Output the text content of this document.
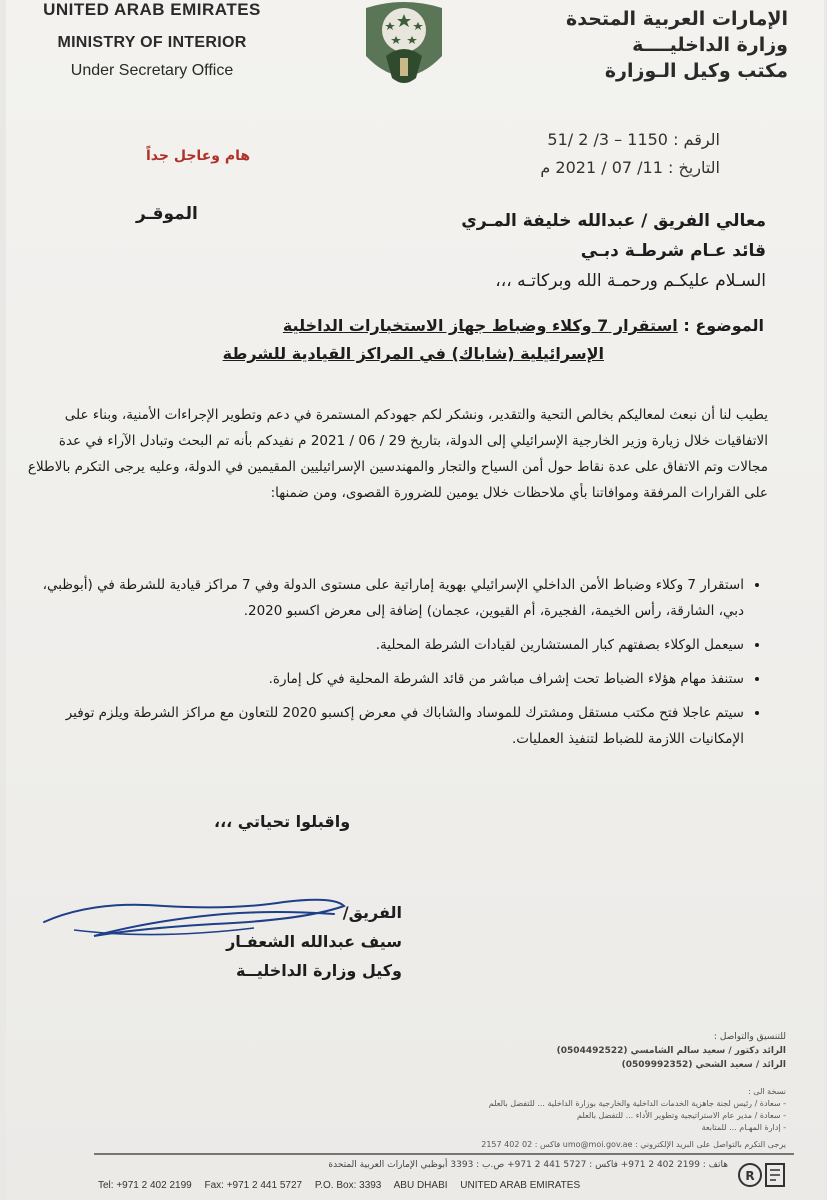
UNITED ARAB EMIRATES
MINISTRY OF INTERIOR
Under Secretary Office
الإمارات العربية المتحدة
وزارة الداخليــــة
مكتب وكيل الـوزارة
الرقم : 1150 – 3/ 2 /51
التاريخ : 11/ 07 / 2021 م
هام وعاجل جداً
معالي الفريق / عبدالله خليفة المـري
قائد عـام شرطـة دبـي
السـلام عليكـم ورحمـة الله وبركاتـه ،،،
الموقـر
الموضوع : استقرار 7 وكلاء وضباط جهاز الاستخبارات الداخلية
الإسرائيلية (شاباك) في المراكز القيادية للشرطة

يطيب لنا أن نبعث لمعاليكم بخالص التحية والتقدير، ونشكر لكم جهودكم المستمرة في دعم وتطوير الإجراءات الأمنية، وبناء على الاتفاقيات خلال زيارة وزير الخارجية الإسرائيلي إلى الدولة، بتاريخ 29 / 06 / 2021 م نفيدكم بأنه تم البحث وتبادل الآراء في عدة مجالات وتم الاتفاق على عدة نقاط حول أمن السياح والتجار والمهندسين الإسرائيليين المقيمين في الدولة، وعليه يرجى التكرم بالاطلاع على القرارات المرفقة وموافاتنا بأي ملاحظات خلال يومين للضرورة القصوى، ومن ضمنها:

• استقرار 7 وكلاء وضباط الأمن الداخلي الإسرائيلي بهوية إماراتية على مستوى الدولة وفي 7 مراكز قيادية للشرطة في (أبوظبي، دبي، الشارقة، رأس الخيمة، الفجيرة، أم القيوين، عجمان) إضافة إلى معرض اكسبو 2020.
• سيعمل الوكلاء بصفتهم كبار المستشارين لقيادات الشرطة المحلية.
• ستنفذ مهام هؤلاء الضباط تحت إشراف مباشر من قائد الشرطة المحلية في كل إمارة.
• سيتم عاجلا فتح مكتب مستقل ومشترك للموساد والشاباك في معرض إكسبو 2020 للتعاون مع مراكز الشرطة ويلزم توفير الإمكانيات اللازمة للضباط لتنفيذ العمليات.
واقبلوا تحياتي ،،،
الفريق/
سيف عبدالله الشعفـار
وكيل وزارة الداخليــة
للتنسيق والتواصل :
الرائد دكتور / سعيد سالم الشامسي (0504492522)
الرائد / سعيد الشحي (0509992352)
نسخة الى :
- سعادة / رئيس لجنة جاهزية الخدمات الداخلية والخارجية بوزارة الداخلية ... للتفضل بالعلم
- سعادة / مدير عام الاستراتيجية وتطوير الأداء ... للتفضل بالعلم
- إدارة المهـام ... للمتابعة
يرجى التكرم بالتواصل على البريد الإلكتروني : umo@moi.gov.ae فاكس : 02 402 2157
هاتف : 2199 402 2 971+ فاكس : 5727 441 2 971+ ص.ب : 3393 أبوظبي الإمارات العربية المتحدة
Tel: +971 2 402 2199 Fax: +971 2 441 5727 P.O. Box: 3393 ABU DHABI UNITED ARAB EMIRATES
R
